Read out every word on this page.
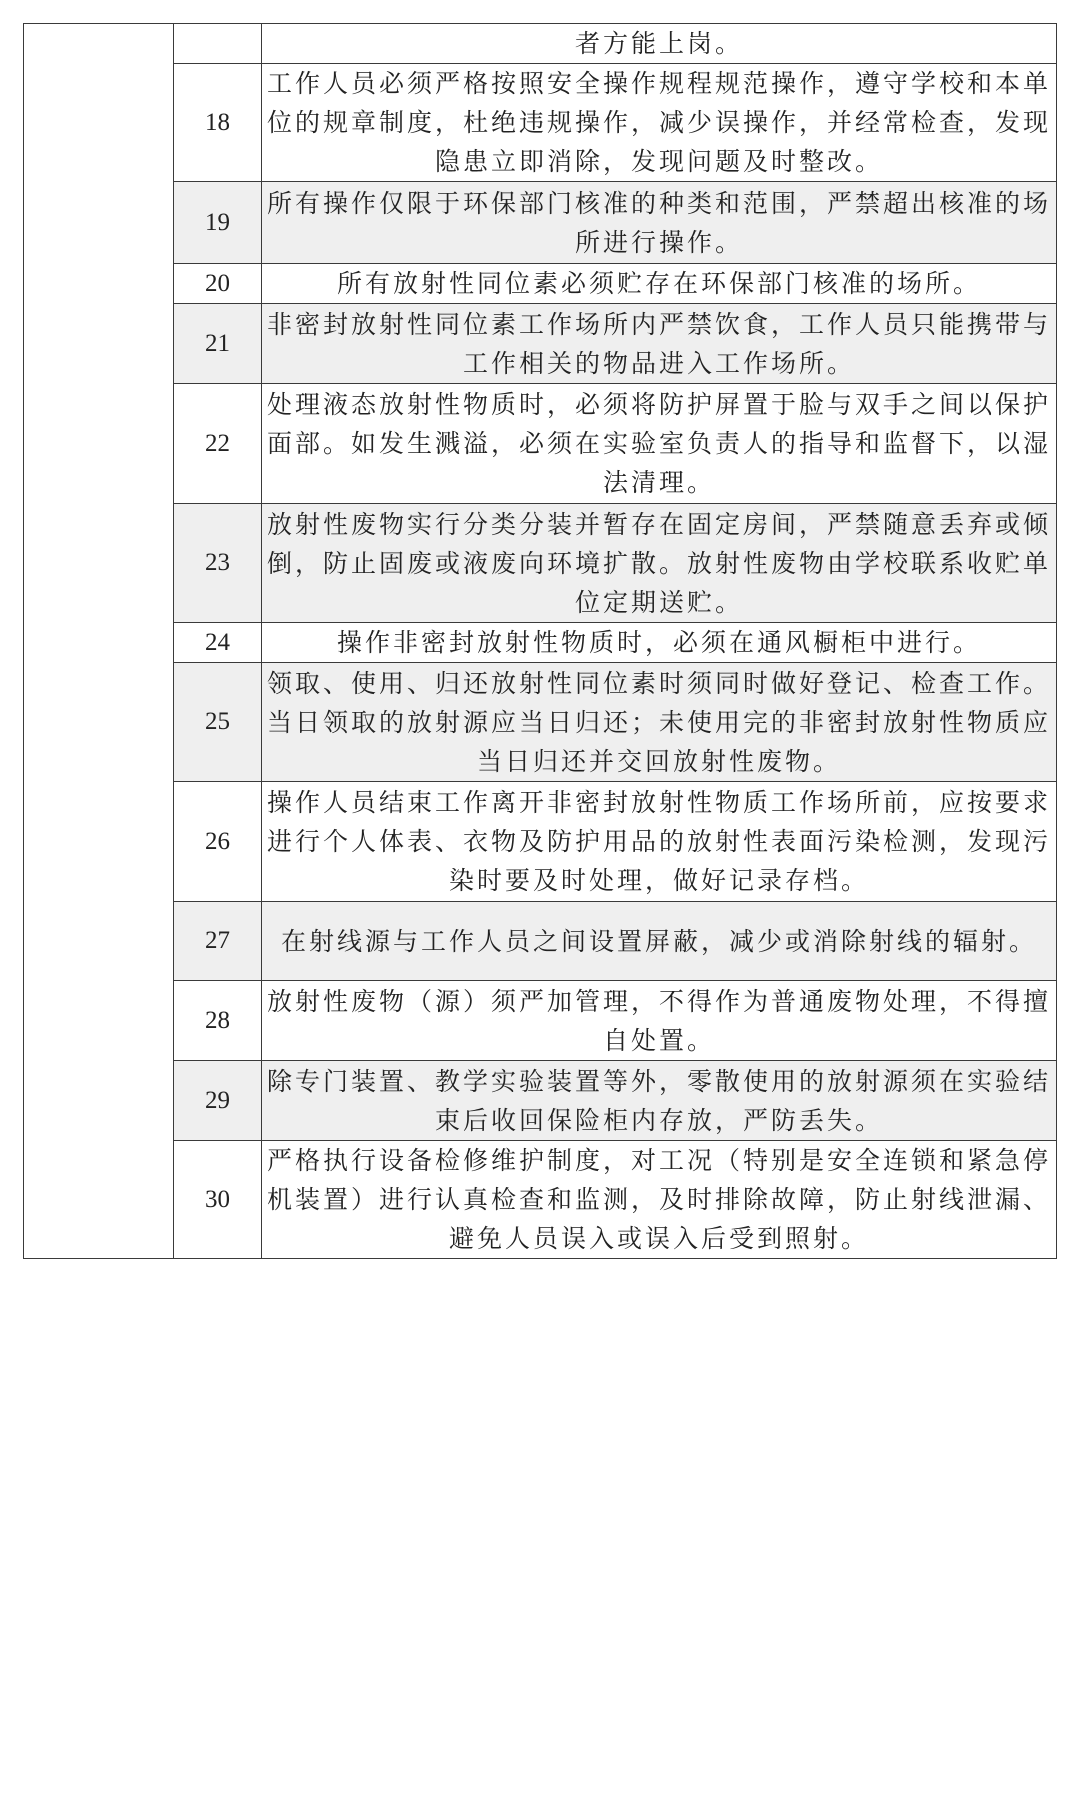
		者方能上岗。
	18	工作人员必须严格按照安全操作规程规范操作，遵守学校和本单位的规章制度，杜绝违规操作，减少误操作，并经常检查，发现隐患立即消除，发现问题及时整改。
	19	所有操作仅限于环保部门核准的种类和范围，严禁超出核准的场所进行操作。
	20	所有放射性同位素必须贮存在环保部门核准的场所。
	21	非密封放射性同位素工作场所内严禁饮食，工作人员只能携带与工作相关的物品进入工作场所。
	22	处理液态放射性物质时，必须将防护屏置于脸与双手之间以保护面部。如发生溅溢，必须在实验室负责人的指导和监督下，以湿法清理。
	23	放射性废物实行分类分装并暂存在固定房间，严禁随意丢弃或倾倒，防止固废或液废向环境扩散。放射性废物由学校联系收贮单位定期送贮。
	24	操作非密封放射性物质时，必须在通风橱柜中进行。
	25	领取、使用、归还放射性同位素时须同时做好登记、检查工作。当日领取的放射源应当日归还；未使用完的非密封放射性物质应当日归还并交回放射性废物。
	26	操作人员结束工作离开非密封放射性物质工作场所前，应按要求进行个人体表、衣物及防护用品的放射性表面污染检测，发现污染时要及时处理，做好记录存档。
	27	在射线源与工作人员之间设置屏蔽，减少或消除射线的辐射。
	28	放射性废物（源）须严加管理，不得作为普通废物处理，不得擅自处置。
	29	除专门装置、教学实验装置等外，零散使用的放射源须在实验结束后收回保险柜内存放，严防丢失。
	30	严格执行设备检修维护制度，对工况（特别是安全连锁和紧急停机装置）进行认真检查和监测，及时排除故障，防止射线泄漏、避免人员误入或误入后受到照射。
